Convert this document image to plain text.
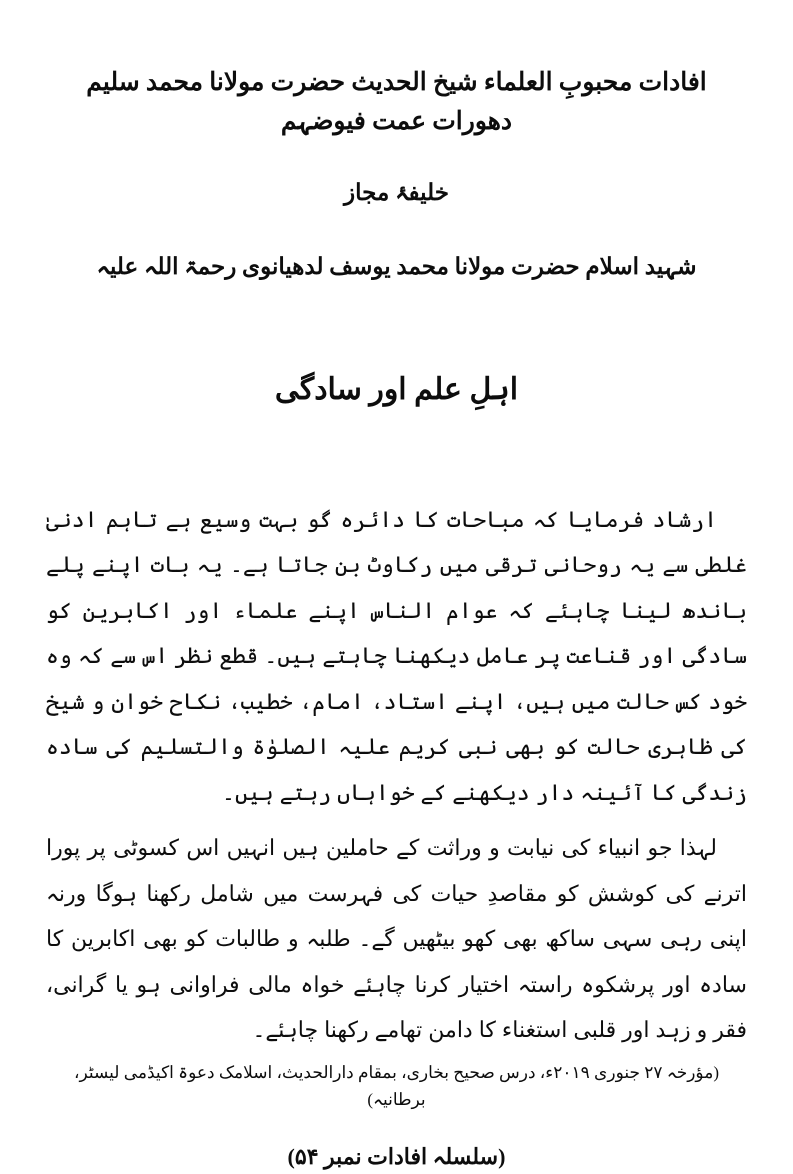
افادات محبوبِ العلماء شیخ الحدیث حضرت مولانا محمد سلیم دھورات عمت فیوضہم
خلیفۂ مجاز
شہید اسلام حضرت مولانا محمد یوسف لدھیانوی رحمۃ اللہ علیہ
اہلِ علم اور سادگی

ارشاد فرمایا کہ مباحات کا دائرہ گو بہت وسیع ہے تاہم ادنیٰ غلطی سے یہ روحانی ترقی میں رکاوٹ بن جاتا ہے۔ یہ بات اپنے پلے باندھ لینا چاہئے کہ عوام الناس اپنے علماء اور اکابرین کو سادگی اور قناعت پر عامل دیکھنا چاہتے ہیں۔ قطع نظر اس سے کہ وہ خود کس حالت میں ہیں، اپنے استاد، امام، خطیب، نکاح خوان و شیخ کی ظاہری حالت کو بھی نبی کریم علیہ الصلوٰۃ والتسلیم کی سادہ زندگی کا آئینہ دار دیکھنے کے خواہاں رہتے ہیں۔

لہذا جو انبیاء کی نیابت و وراثت کے حاملین ہیں انہیں اس کسوٹی پر پورا اترنے کی کوشش کو مقاصدِ حیات کی فہرست میں شامل رکھنا ہوگا ورنہ اپنی رہی سہی ساکھ بھی کھو بیٹھیں گے۔ طلبہ و طالبات کو بھی اکابرین کا سادہ اور پرشکوہ راستہ اختیار کرنا چاہئے خواہ مالی فراوانی ہو یا گرانی، فقر و زہد اور قلبی استغناء کا دامن تھامے رکھنا چاہئے۔

(مؤرخہ ۲۷ جنوری ۲۰۱۹ء، درس صحیح بخاری، بمقام دارالحدیث، اسلامک دعوۃ اکیڈمی لیسٹر، برطانیہ)
(سلسلہ افادات نمبر ۵۴)
